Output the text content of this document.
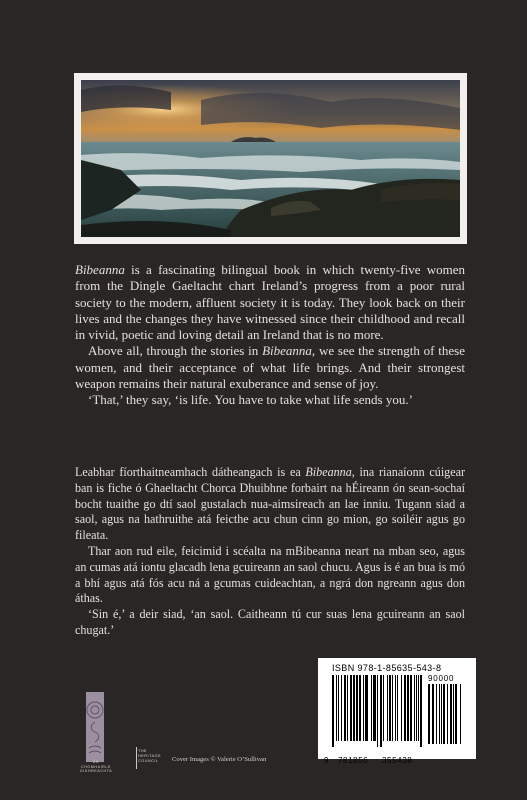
Bibeanna is a fascinating bilingual book in which twenty-five women from the Dingle Gaeltacht chart Ireland’s progress from a poor rural society to the modern, affluent society it is today. They look back on their lives and the changes they have witnessed since their childhood and recall in vivid, poetic and loving detail an Ireland that is no more.

Above all, through the stories in Bibeanna, we see the strength of these women, and their acceptance of what life brings. And their strongest weapon remains their natural exuberance and sense of joy.

‘That,’ they say, ‘is life. You have to take what life sends you.’

Leabhar fíorthaitneamhach dátheangach is ea Bibeanna, ina rianaíonn cúigear ban is fiche ó Ghaeltacht Chorca Dhuibhne forbairt na hÉireann ón sean-sochaí bocht tuaithe go dtí saol gustalach nua-aimsireach an lae inniu. Tugann siad a saol, agus na hathruithe atá feicthe acu chun cinn go mion, go soiléir agus go fileata.

Thar aon rud eile, feicimid i scéalta na mBibeanna neart na mban seo, agus an cumas atá iontu glacadh lena gcuireann an saol chucu. Agus is é an bua is mó a bhí agus atá fós acu ná a gcumas cuideachtan, a ngrá don ngreann agus don áthas.

‘Sin é,’ a deir siad, ‘an saol. Caitheann tú cur suas lena gcuireann an saol chugat.’

AN
CHOMHAIRLE
OIDHREACHTA
THE
HERITAGE
COUNCIL	Cover Images © Valerie O’Sullivan
ISBN 978-1-85635-543-8
90000
9 781856 355438
